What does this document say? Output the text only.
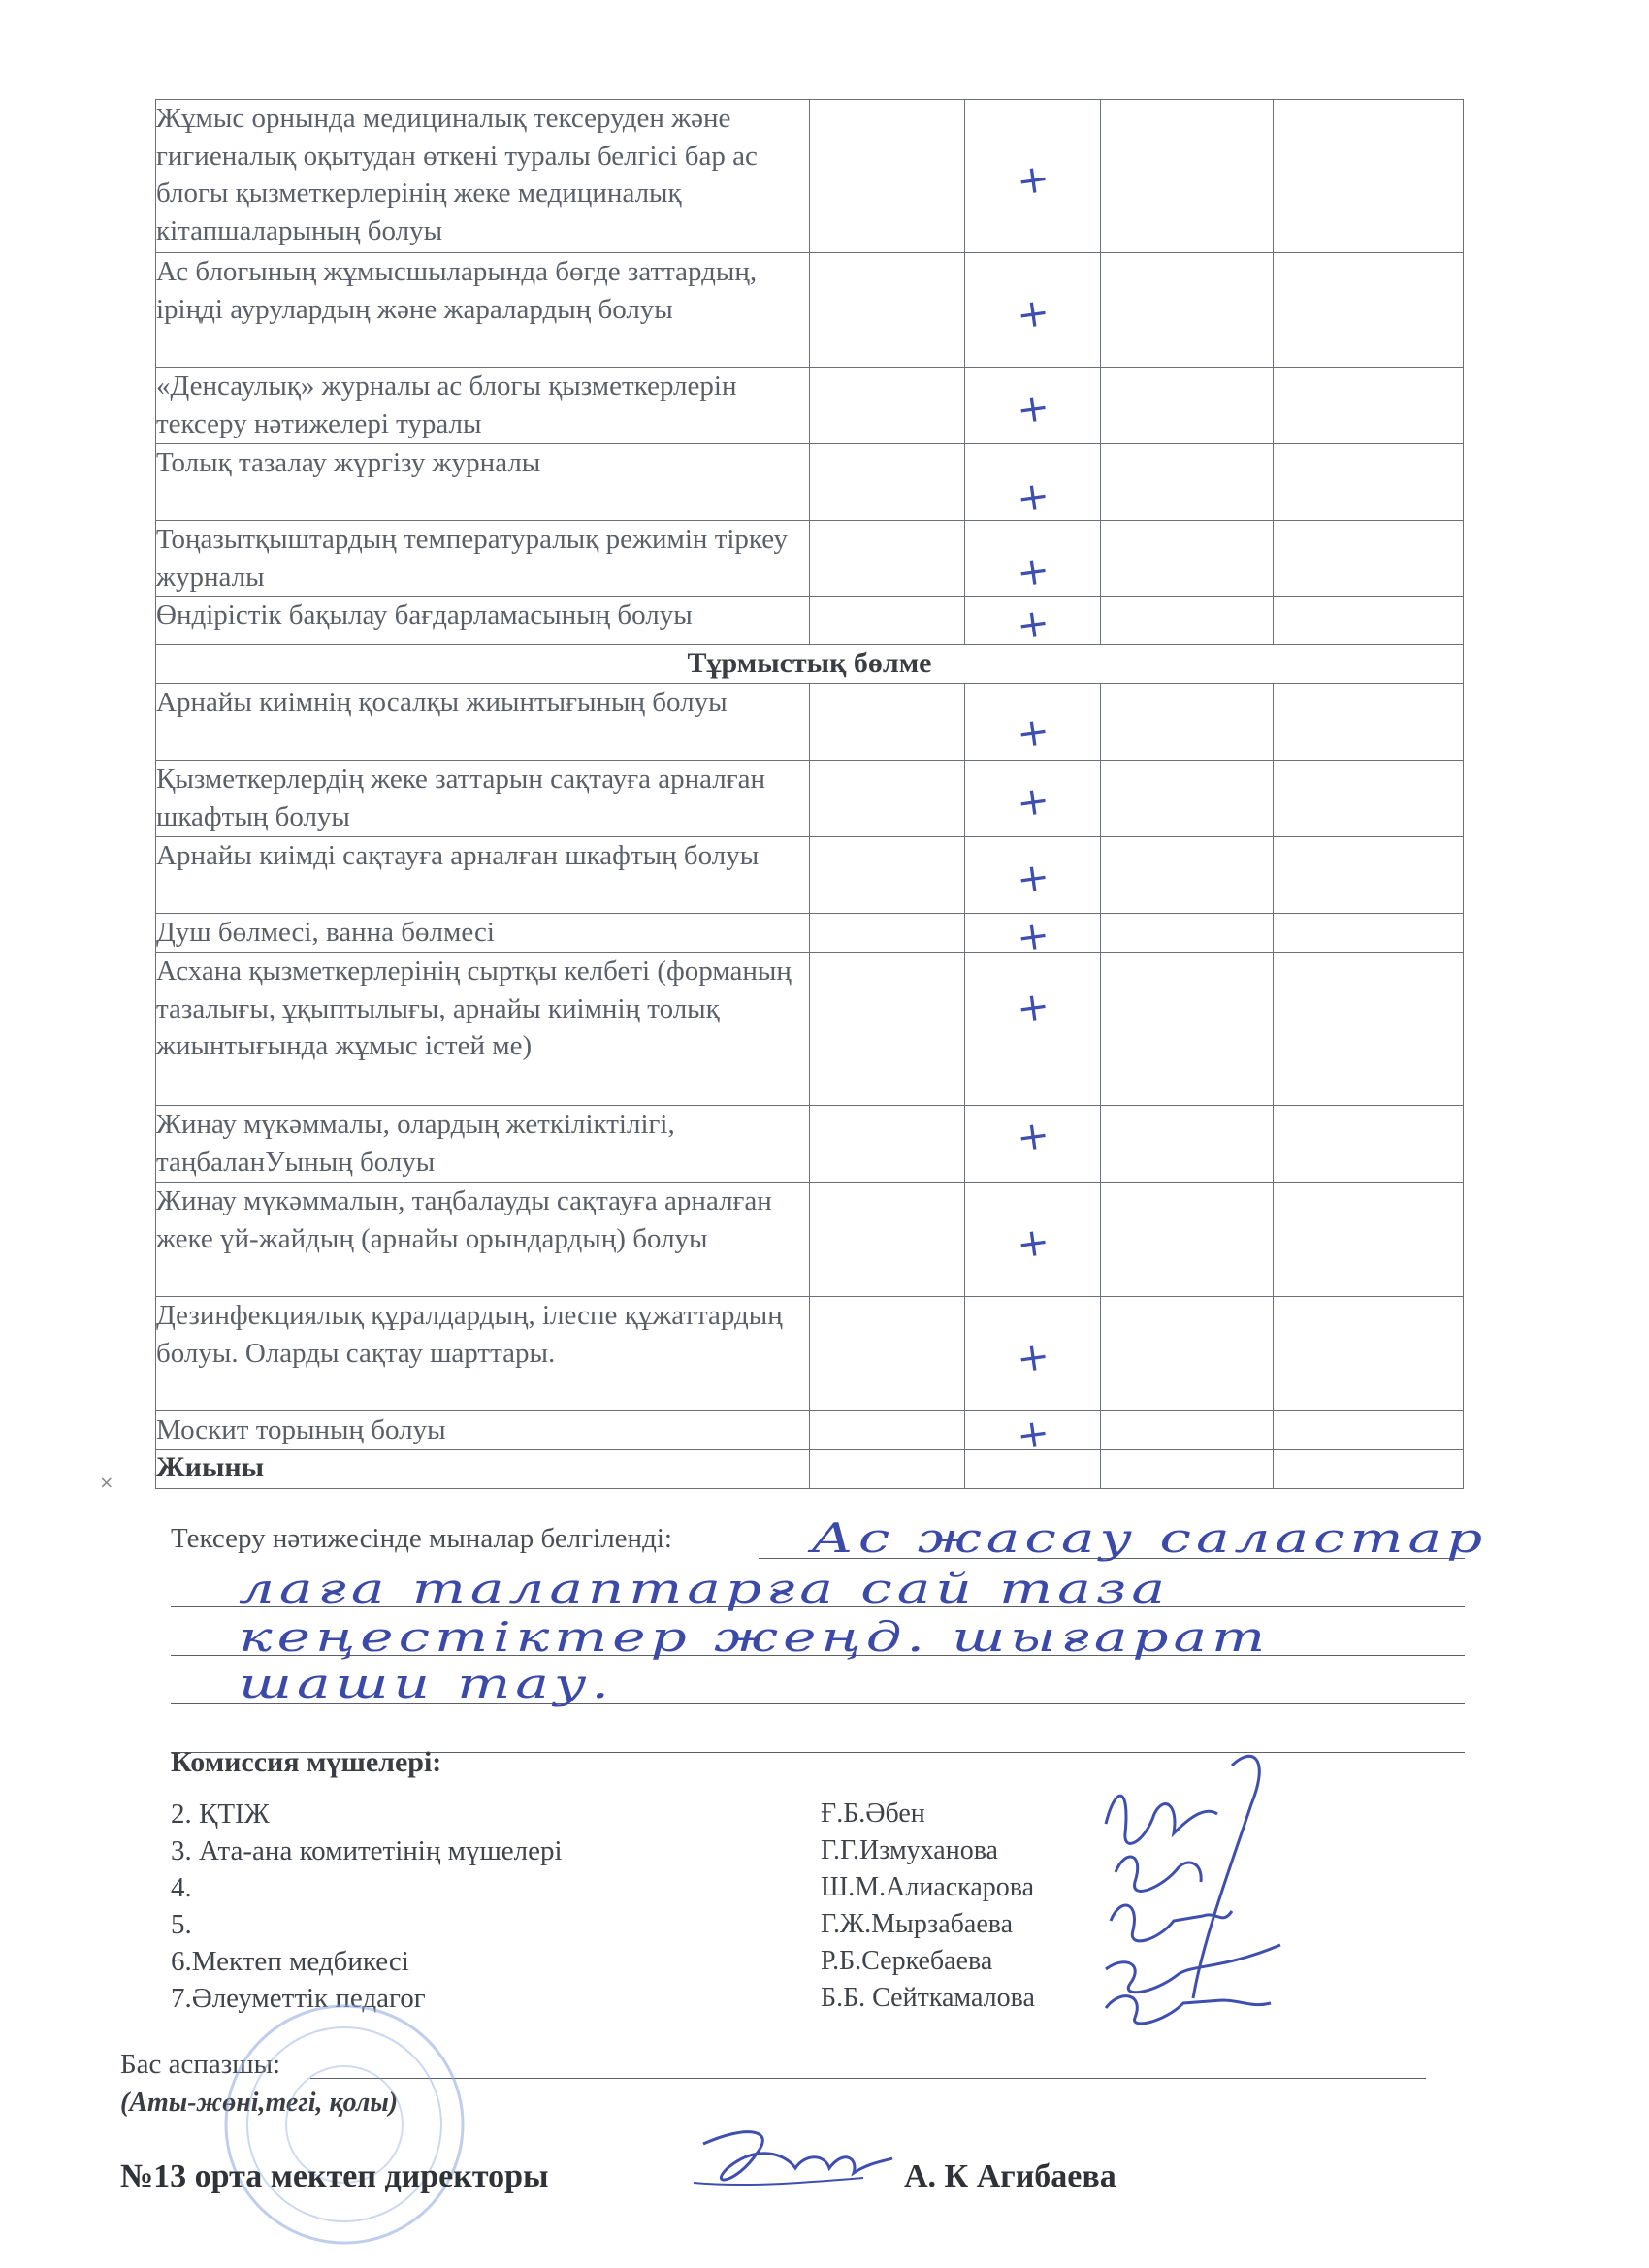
Жұмыс орнында медициналық тексеруден және гигиеналық оқытудан өткені туралы белгісі бар ас блогы қызметкерлерінің жеке медициналық кітапшаларының болуы		+		

Ас блогының жұмысшыларында бөгде заттардың, іріңді аурулардың және жаралардың болуы		+		

«Денсаулық» журналы ас блогы қызметкерлерін тексеру нәтижелері туралы		+		

Толық тазалау жүргізу журналы		+		

Тоңазытқыштардың температуралық режимін тіркеу журналы		+		

Өндірістік бақылау бағдарламасының болуы		+		

Тұрмыстық бөлме				
Арнайы киімнің қосалқы жиынтығының болуы		+		

Қызметкерлердің жеке заттарын сақтауға арналған шкафтың болуы		+		

Арнайы киімді сақтауға арналған шкафтың болуы		+		

Душ бөлмесі, ванна бөлмесі		+		

Асхана қызметкерлерінің сыртқы келбеті (форманың тазалығы, ұқыптылығы, арнайы киімнің толық жиынтығында жұмыс істей ме)		+		

Жинау мүкәммалы, олардың жеткіліктілігі, таңбаланУының болуы		+		

Жинау мүкәммалын, таңбалауды сақтауға арналған жеке үй-жайдың (арнайы орындардың) болуы		+		

Дезинфекциялық құралдардың, ілеспе құжаттардың болуы. Оларды сақтау шарттары.		+		

Москит торының болуы		+		

Жиыны				
˟
Тексеру нәтижесінде мыналар белгіленді: Ас жасау саластар
лаға талаптарға сай таза
кеңестіктер жеңд. шығарат
шаши тау.
Комиссия мүшелері:
2. ҚТІЖ	Ғ.Б.Әбен
3. Ата-ана комитетінің мүшелері	Г.Г.Измуханова
4.	Ш.М.Алиаскарова
5.	Г.Ж.Мырзабаева
6.Мектеп медбикесі	Р.Б.Серкебаева
7.Әлеуметтік педагог	Б.Б. Сейткамалова
Бас аспазшы:
(Аты-жөні,тегі, қолы)
№13 орта мектеп директоры	А. К Агибаева
